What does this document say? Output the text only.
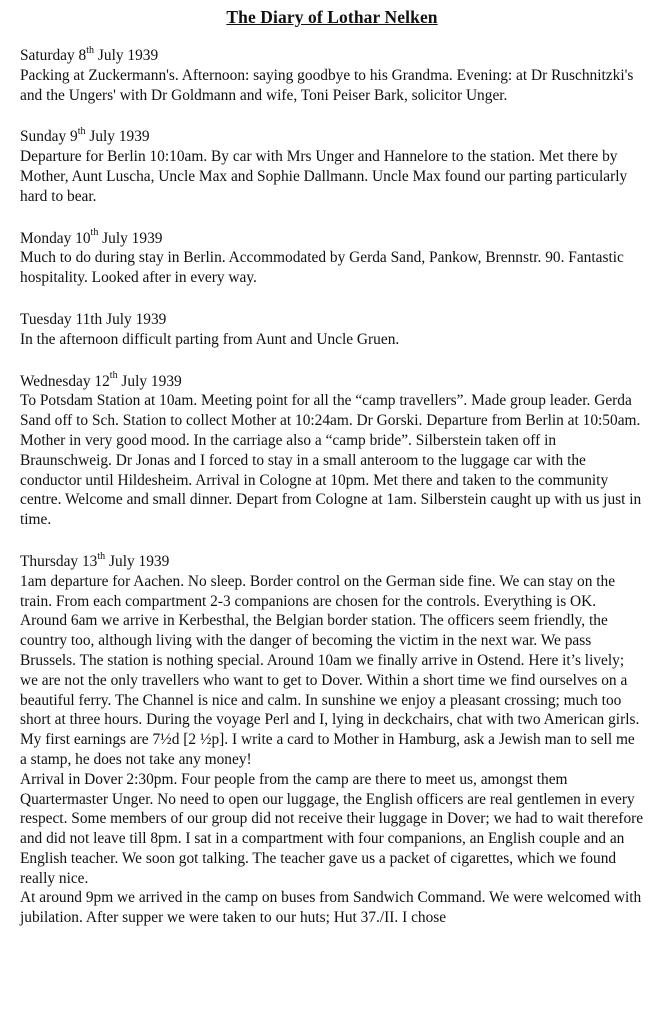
The Diary of Lothar Nelken

Saturday 8th July 1939

Packing at Zuckermann's. Afternoon: saying goodbye to his Grandma. Evening: at Dr Ruschnitzki's and the Ungers' with Dr Goldmann and wife, Toni Peiser Bark, solicitor Unger.

Sunday 9th July 1939

Departure for Berlin 10:10am. By car with Mrs Unger and Hannelore to the station. Met there by Mother, Aunt Luscha, Uncle Max and Sophie Dallmann. Uncle Max found our parting particularly hard to bear.

Monday 10th July 1939

Much to do during stay in Berlin. Accommodated by Gerda Sand, Pankow, Brennstr. 90. Fantastic hospitality. Looked after in every way.

Tuesday 11th July 1939

In the afternoon difficult parting from Aunt and Uncle Gruen.

Wednesday 12th July 1939

To Potsdam Station at 10am. Meeting point for all the “camp travellers”. Made group leader. Gerda Sand off to Sch. Station to collect Mother at 10:24am. Dr Gorski. Departure from Berlin at 10:50am. Mother in very good mood. In the carriage also a “camp bride”. Silberstein taken off in Braunschweig. Dr Jonas and I forced to stay in a small anteroom to the luggage car with the conductor until Hildesheim. Arrival in Cologne at 10pm. Met there and taken to the community centre. Welcome and small dinner. Depart from Cologne at 1am. Silberstein caught up with us just in time.

Thursday 13th July 1939

1am departure for Aachen. No sleep. Border control on the German side fine. We can stay on the train. From each compartment 2-3 companions are chosen for the controls. Everything is OK. Around 6am we arrive in Kerbesthal, the Belgian border station. The officers seem friendly, the country too, although living with the danger of becoming the victim in the next war. We pass Brussels. The station is nothing special. Around 10am we finally arrive in Ostend. Here it’s lively; we are not the only travellers who want to get to Dover. Within a short time we find ourselves on a beautiful ferry. The Channel is nice and calm. In sunshine we enjoy a pleasant crossing; much too short at three hours. During the voyage Perl and I, lying in deckchairs, chat with two American girls. My first earnings are 7½d [2 ½p]. I write a card to Mother in Hamburg, ask a Jewish man to sell me a stamp, he does not take any money!

Arrival in Dover 2:30pm. Four people from the camp are there to meet us, amongst them Quartermaster Unger. No need to open our luggage, the English officers are real gentlemen in every respect. Some members of our group did not receive their luggage in Dover; we had to wait therefore and did not leave till 8pm. I sat in a compartment with four companions, an English couple and an English teacher. We soon got talking. The teacher gave us a packet of cigarettes, which we found really nice.

At around 9pm we arrived in the camp on buses from Sandwich Command. We were welcomed with jubilation. After supper we were taken to our huts; Hut 37./II. I chose
